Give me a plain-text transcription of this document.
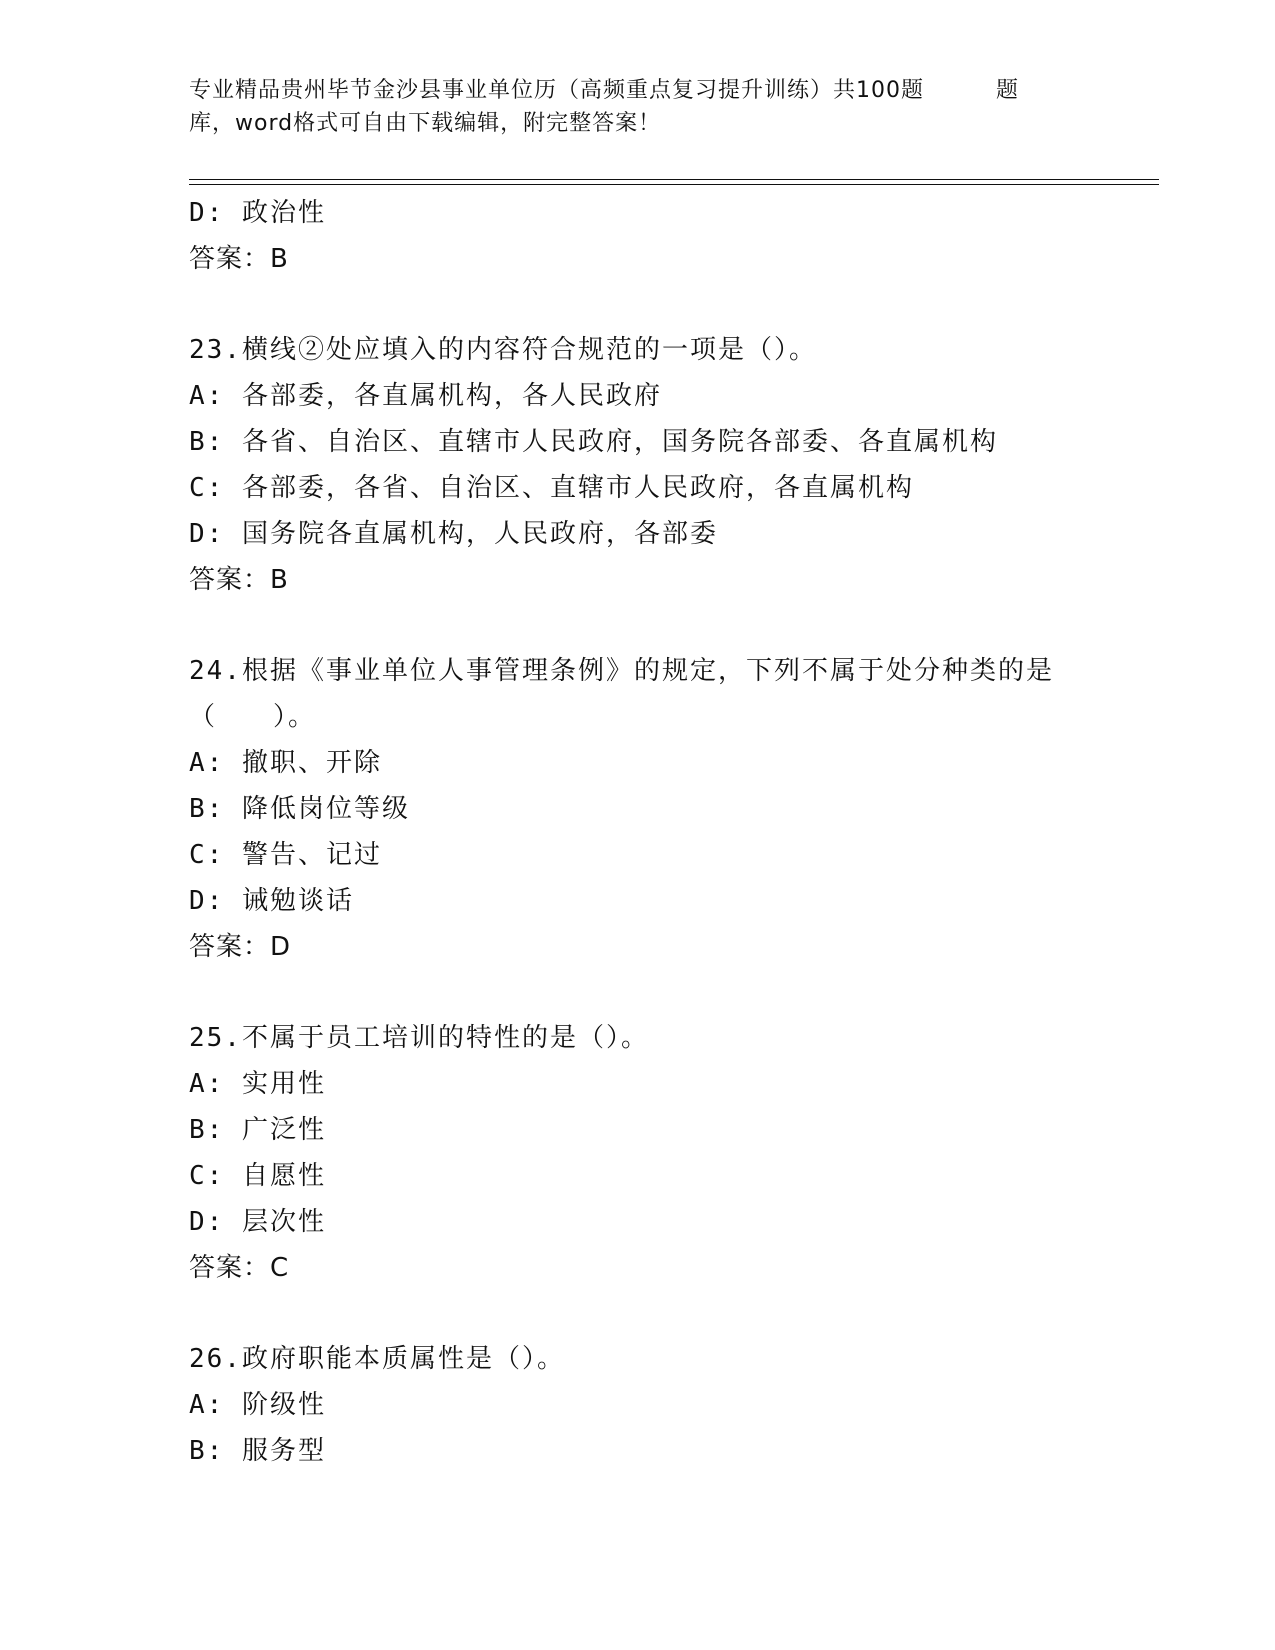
专业精品贵州毕节金沙县事业单位历（高频重点复习提升训练）共100题	题
库，word格式可自由下载编辑，附完整答案！
D: 政治性
答案：B
23.横线②处应填入的内容符合规范的一项是（）。
A: 各部委，各直属机构，各人民政府
B: 各省、自治区、直辖市人民政府，国务院各部委、各直属机构
C: 各部委，各省、自治区、直辖市人民政府，各直属机构
D: 国务院各直属机构，人民政府，各部委
答案：B
24.根据《事业单位人事管理条例》的规定，下列不属于处分种类的是
（　　）。
A: 撤职、开除
B: 降低岗位等级
C: 警告、记过
D: 诫勉谈话
答案：D
25.不属于员工培训的特性的是（）。
A: 实用性
B: 广泛性
C: 自愿性
D: 层次性
答案：C
26.政府职能本质属性是（）。
A: 阶级性
B: 服务型
